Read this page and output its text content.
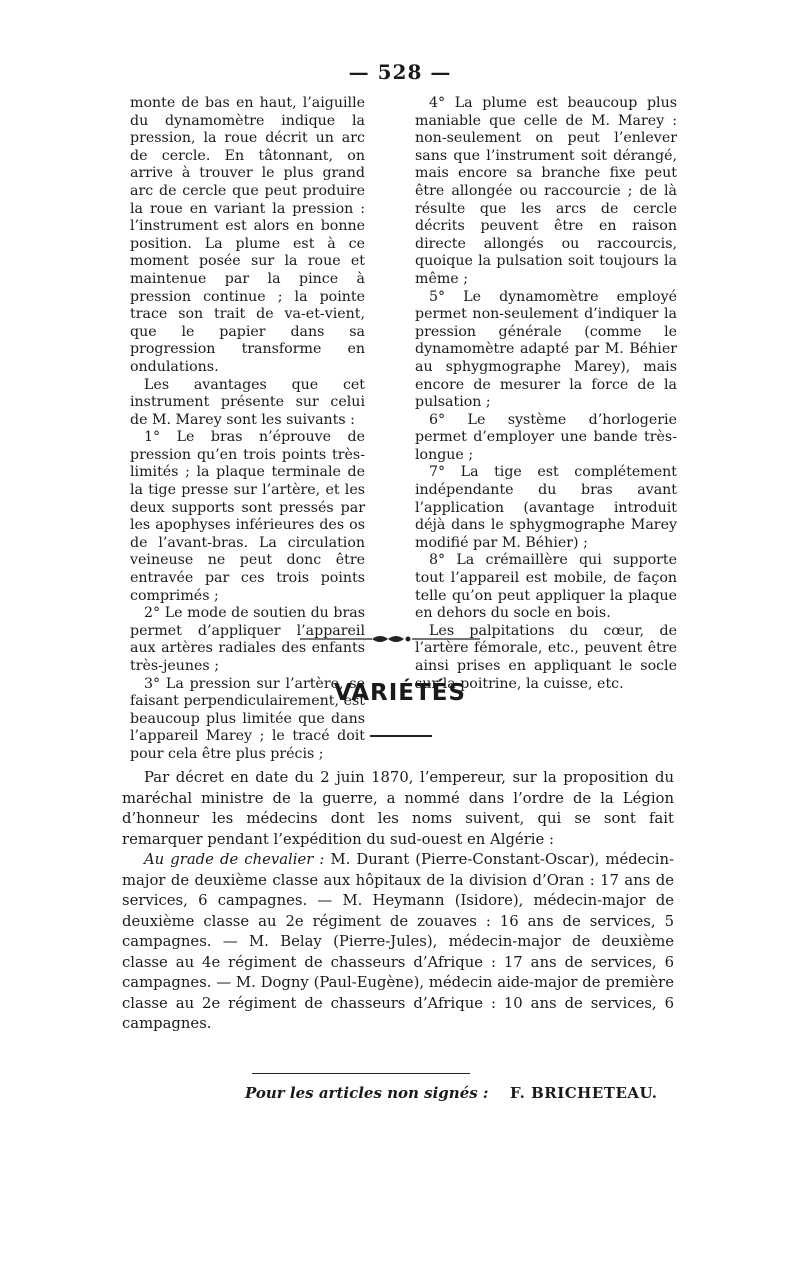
— 528 —

monte de bas en haut, l’aiguille du dynamomètre indique la pression, la roue décrit un arc de cercle. En tâtonnant, on arrive à trouver le plus grand arc de cercle que peut produire la roue en variant la pression : l’instrument est alors en bonne position. La plume est à ce moment posée sur la roue et maintenue par la pince à pression continue ; la pointe trace son trait de va-et-vient, que le papier dans sa progression transforme en ondulations.

Les avantages que cet instrument présente sur celui de M. Marey sont les suivants :

1° Le bras n’éprouve de pression qu’en trois points très-limités ; la plaque terminale de la tige presse sur l’artère, et les deux supports sont pressés par les apophyses inférieures des os de l’avant-bras. La circulation veineuse ne peut donc être entravée par ces trois points comprimés ;

2° Le mode de soutien du bras permet d’appliquer l’appareil aux artères radiales des enfants très-jeunes ;

3° La pression sur l’artère, se faisant perpendiculairement, est beaucoup plus limitée que dans l’appareil Marey ; le tracé doit pour cela être plus précis ;

4° La plume est beaucoup plus maniable que celle de M. Marey : non-seulement on peut l’enlever sans que l’instrument soit dérangé, mais encore sa branche fixe peut être allongée ou raccourcie ; de là résulte que les arcs de cercle décrits peuvent être en raison directe allongés ou raccourcis, quoique la pulsation soit toujours la même ;

5° Le dynamomètre employé permet non-seulement d’indiquer la pression générale (comme le dynamomètre adapté par M. Béhier au sphygmographe Marey), mais encore de mesurer la force de la pulsation ;

6° Le système d’horlogerie permet d’employer une bande très-longue ;

7° La tige est complétement indépendante du bras avant l’application (avantage introduit déjà dans le sphygmographe Marey modifié par M. Béhier) ;

8° La crémaillère qui supporte tout l’appareil est mobile, de façon telle qu’on peut appliquer la plaque en dehors du socle en bois.

Les palpitations du cœur, de l’artère fémorale, etc., peuvent être ainsi prises en appliquant le socle sur la poitrine, la cuisse, etc.

VARIÉTÉS

Par décret en date du 2 juin 1870, l’empereur, sur la proposition du maréchal ministre de la guerre, a nommé dans l’ordre de la Légion d’honneur les médecins dont les noms suivent, qui se sont fait remarquer pendant l’expédition du sud-ouest en Algérie :

Au grade de chevalier : M. Durant (Pierre-Constant-Oscar), médecin-major de deuxième classe aux hôpitaux de la division d’Oran : 17 ans de services, 6 campagnes. — M. Heymann (Isidore), médecin-major de deuxième classe au 2e régiment de zouaves : 16 ans de services, 5 campagnes. — M. Belay (Pierre-Jules), médecin-major de deuxième classe au 4e régiment de chasseurs d’Afrique : 17 ans de services, 6 campagnes. — M. Dogny (Paul-Eugène), médecin aide-major de première classe au 2e régiment de chasseurs d’Afrique : 10 ans de services, 6 campagnes.

Pour les articles non signés : F. BRICHETEAU.
